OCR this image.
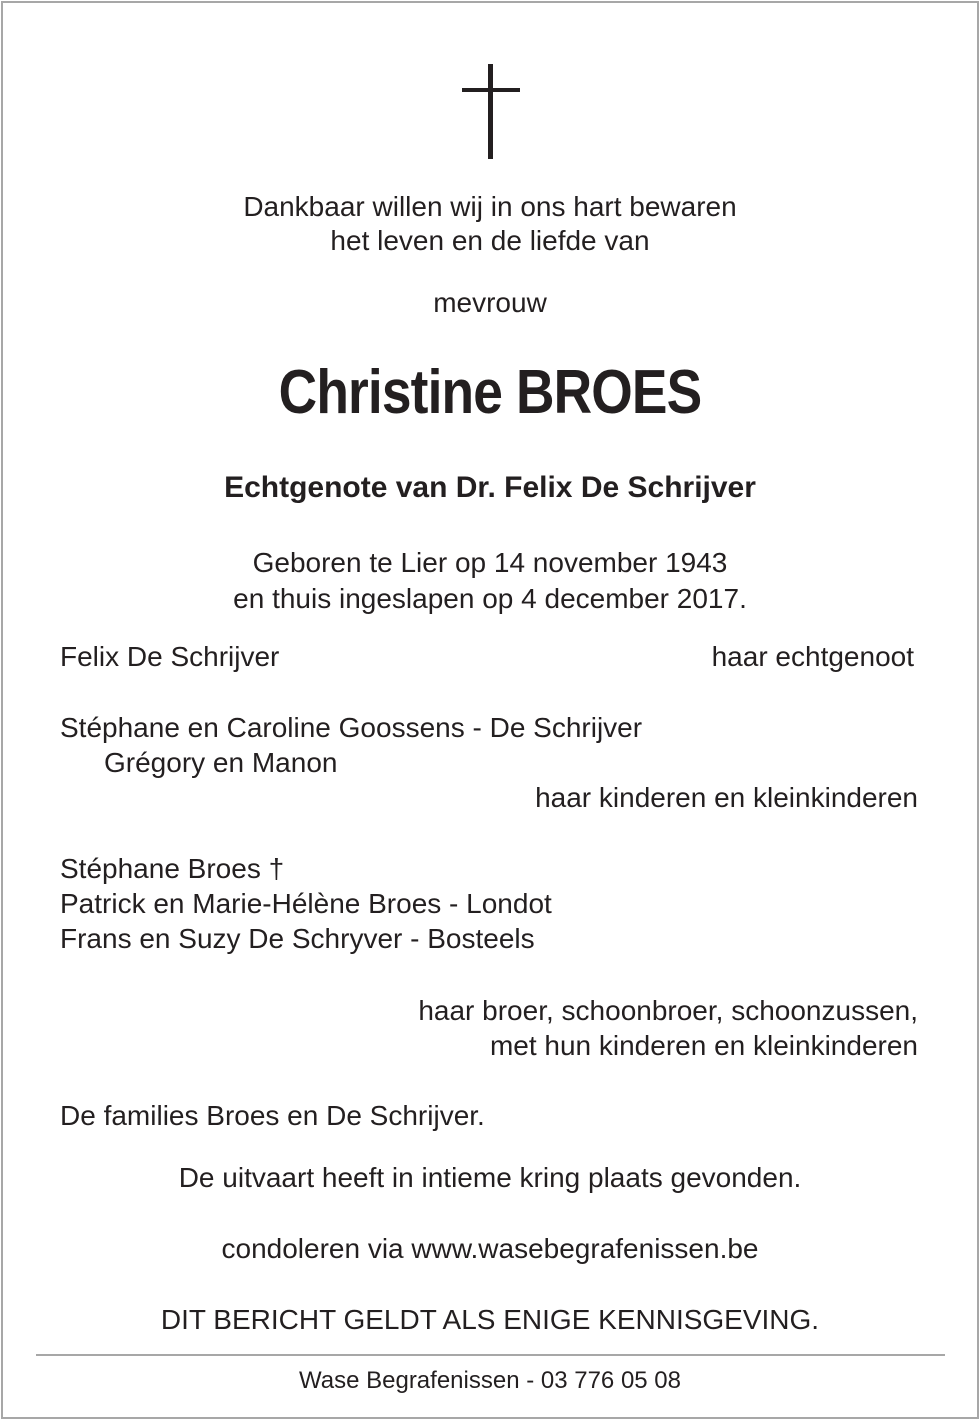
Dankbaar willen wij in ons hart bewaren
het leven en de liefde van
mevrouw
Christine BROES
Echtgenote van Dr. Felix De Schrijver
Geboren te Lier op 14 november 1943
en thuis ingeslapen op 4 december 2017.
Felix De Schrijver	haar echtgenoot
Stéphane en Caroline Goossens - De Schrijver
Grégory en Manon
haar kinderen en kleinkinderen
Stéphane Broes †
Patrick en Marie-Hélène Broes - Londot
Frans en Suzy De Schryver - Bosteels
haar broer, schoonbroer, schoonzussen,
met hun kinderen en kleinkinderen
De families Broes en De Schrijver.
De uitvaart heeft in intieme kring plaats gevonden.
condoleren via www.wasebegrafenissen.be
DIT BERICHT GELDT ALS ENIGE KENNISGEVING.
Wase Begrafenissen - 03 776 05 08
